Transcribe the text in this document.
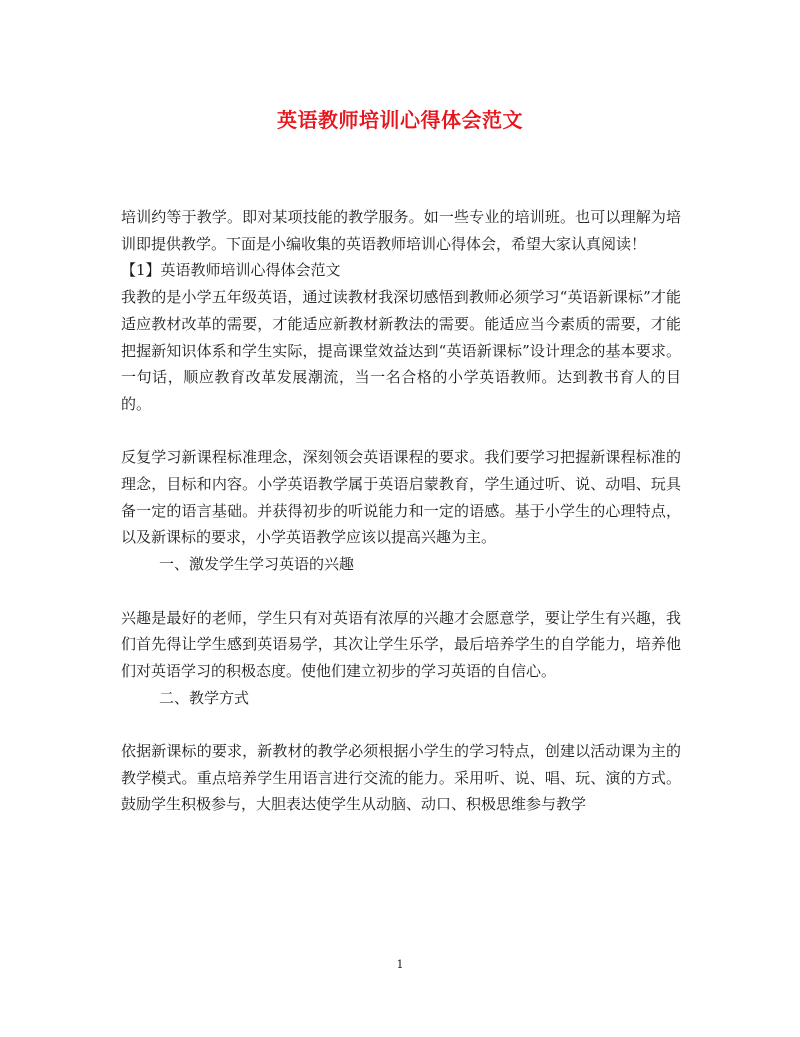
英语教师培训心得体会范文

培训约等于教学。即对某项技能的教学服务。如一些专业的培训班。也可以理解为培训即提供教学。下面是小编收集的英语教师培训心得体会，希望大家认真阅读！

【1】英语教师培训心得体会范文

我教的是小学五年级英语，通过读教材我深切感悟到教师必须学习“英语新课标”才能适应教材改革的需要，才能适应新教材新教法的需要。能适应当今素质的需要，才能把握新知识体系和学生实际，提高课堂效益达到“英语新课标”设计理念的基本要求。一句话，顺应教育改革发展潮流，当一名合格的小学英语教师。达到教书育人的目的。

反复学习新课程标准理念，深刻领会英语课程的要求。我们要学习把握新课程标准的理念，目标和内容。小学英语教学属于英语启蒙教育，学生通过听、说、动唱、玩具备一定的语言基础。并获得初步的听说能力和一定的语感。基于小学生的心理特点，以及新课标的要求，小学英语教学应该以提高兴趣为主。

一、激发学生学习英语的兴趣

兴趣是最好的老师，学生只有对英语有浓厚的兴趣才会愿意学，要让学生有兴趣，我们首先得让学生感到英语易学，其次让学生乐学，最后培养学生的自学能力，培养他们对英语学习的积极态度。使他们建立初步的学习英语的自信心。

二、教学方式

依据新课标的要求，新教材的教学必须根据小学生的学习特点，创建以活动课为主的教学模式。重点培养学生用语言进行交流的能力。采用听、说、唱、玩、演的方式。鼓励学生积极参与，大胆表达使学生从动脑、动口、积极思维参与教学

1
